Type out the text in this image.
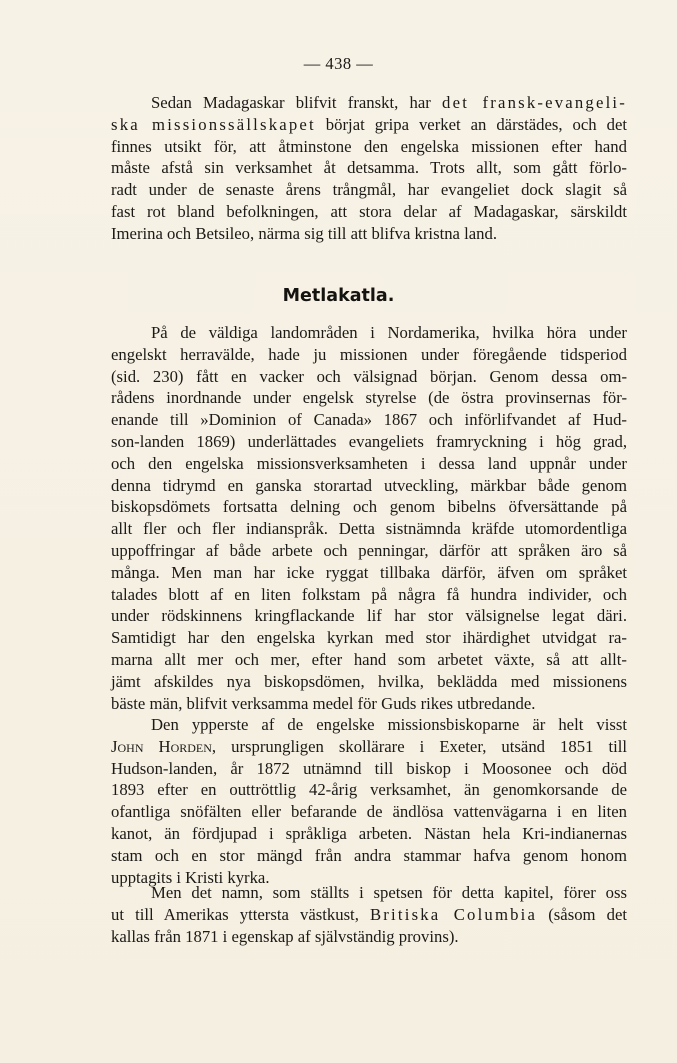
— 438 —
Sedan Madagaskar blifvit franskt, har det fransk-evangeli-
ska missionssällskapet börjat gripa verket an därstädes, och det
finnes utsikt för, att åtminstone den engelska missionen efter hand
måste afstå sin verksamhet åt detsamma. Trots allt, som gått förlo-
radt under de senaste årens trångmål, har evangeliet dock slagit så
fast rot bland befolkningen, att stora delar af Madagaskar, särskildt
Imerina och Betsileo, närma sig till att blifva kristna land.
Metlakatla.
På de väldiga landområden i Nordamerika, hvilka höra under
engelskt herravälde, hade ju missionen under föregående tidsperiod
(sid. 230) fått en vacker och välsignad början. Genom dessa om-
rådens inordnande under engelsk styrelse (de östra provinsernas för-
enande till »Dominion of Canada» 1867 och införlifvandet af Hud-
son-landen 1869) underlättades evangeliets framryckning i hög grad,
och den engelska missionsverksamheten i dessa land uppnår under
denna tidrymd en ganska storartad utveckling, märkbar både genom
biskopsdömets fortsatta delning och genom bibelns öfversättande på
allt fler och fler indianspråk. Detta sistnämnda kräfde utomordentliga
uppoffringar af både arbete och penningar, därför att språken äro så
många. Men man har icke ryggat tillbaka därför, äfven om språket
talades blott af en liten folkstam på några få hundra individer, och
under rödskinnens kringflackande lif har stor välsignelse legat däri.
Samtidigt har den engelska kyrkan med stor ihärdighet utvidgat ra-
marna allt mer och mer, efter hand som arbetet växte, så att allt-
jämt afskildes nya biskopsdömen, hvilka, beklädda med missionens
bäste män, blifvit verksamma medel för Guds rikes utbredande.
Den ypperste af de engelske missionsbiskoparne är helt visst
John Horden, ursprungligen skollärare i Exeter, utsänd 1851 till
Hudson-landen, år 1872 utnämnd till biskop i Moosonee och död
1893 efter en outtröttlig 42-årig verksamhet, än genomkorsande de
ofantliga snöfälten eller befarande de ändlösa vattenvägarna i en liten
kanot, än fördjupad i språkliga arbeten. Nästan hela Kri-indianernas
stam och en stor mängd från andra stammar hafva genom honom
upptagits i Kristi kyrka.
Men det namn, som ställts i spetsen för detta kapitel, förer oss
ut till Amerikas yttersta västkust, Britiska Columbia (såsom det
kallas från 1871 i egenskap af självständig provins).
